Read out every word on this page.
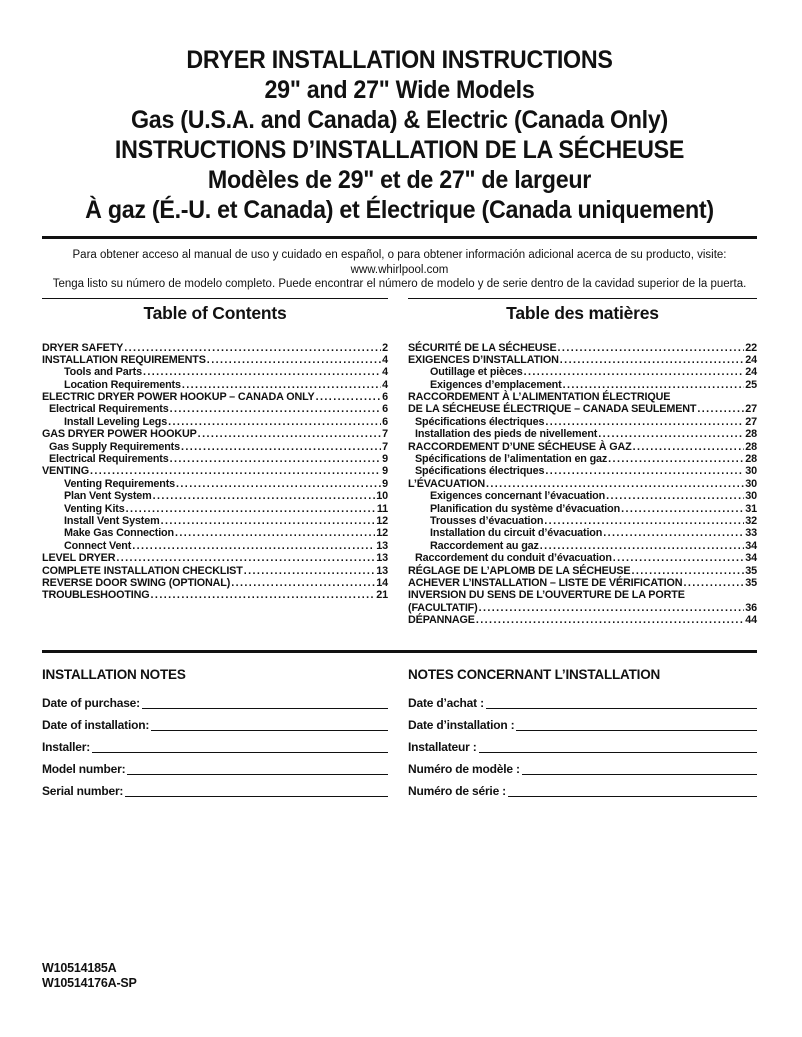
DRYER INSTALLATION INSTRUCTIONS
29" and 27" Wide Models
Gas (U.S.A. and Canada) & Electric (Canada Only)
INSTRUCTIONS D’INSTALLATION DE LA SÉCHEUSE
Modèles de 29" et de 27" de largeur
À gaz (É.-U. et Canada) et Électrique (Canada uniquement)
Para obtener acceso al manual de uso y cuidado en español, o para obtener información adicional acerca de su producto, visite:
www.whirlpool.com
Tenga listo su número de modelo completo. Puede encontrar el número de modelo y de serie dentro de la cavidad superior de la puerta.
Table of Contents
DRYER SAFETY .....	2
INSTALLATION REQUIREMENTS .....	4
Tools and Parts .....	4
Location Requirements .....	4
ELECTRIC DRYER POWER HOOKUP – CANADA ONLY .....	6
Electrical Requirements .....	6
Install Leveling Legs .....	6
GAS DRYER POWER HOOKUP .....	7
Gas Supply Requirements .....	7
Electrical Requirements .....	9
VENTING .....	9
Venting Requirements .....	9
Plan Vent System .....	10
Venting Kits .....	11
Install Vent System .....	12
Make Gas Connection .....	12
Connect Vent .....	13
LEVEL DRYER .....	13
COMPLETE INSTALLATION CHECKLIST .....	13
REVERSE DOOR SWING (OPTIONAL) .....	14
TROUBLESHOOTING .....	21
Table des matières
SÉCURITÉ DE LA SÉCHEUSE .....	22
EXIGENCES D’INSTALLATION .....	24
Outillage et pièces .....	24
Exigences d’emplacement .....	25
RACCORDEMENT À L’ALIMENTATION ÉLECTRIQUE
DE LA SÉCHEUSE ÉLECTRIQUE – CANADA SEULEMENT .....	27
Spécifications électriques .....	27
Installation des pieds de nivellement .....	28
RACCORDEMENT D’UNE SÉCHEUSE À GAZ .....	28
Spécifications de l’alimentation en gaz .....	28
Spécifications électriques .....	30
L’ÉVACUATION .....	30
Exigences concernant l’évacuation .....	30
Planification du système d’évacuation .....	31
Trousses d’évacuation .....	32
Installation du circuit d’évacuation .....	33
Raccordement au gaz .....	34
Raccordement du conduit d’évacuation .....	34
RÉGLAGE DE L’APLOMB DE LA SÉCHEUSE .....	35
ACHEVER L’INSTALLATION – LISTE DE VÉRIFICATION .....	35
INVERSION DU SENS DE L’OUVERTURE DE LA PORTE
(FACULTATIF) .....	36
DÉPANNAGE .....	44
INSTALLATION NOTES
Date of purchase:
Date of installation:
Installer:
Model number:
Serial number:
NOTES CONCERNANT L’INSTALLATION
Date d’achat :
Date d’installation :
Installateur :
Numéro de modèle :
Numéro de série :
W10514185A
W10514176A-SP
